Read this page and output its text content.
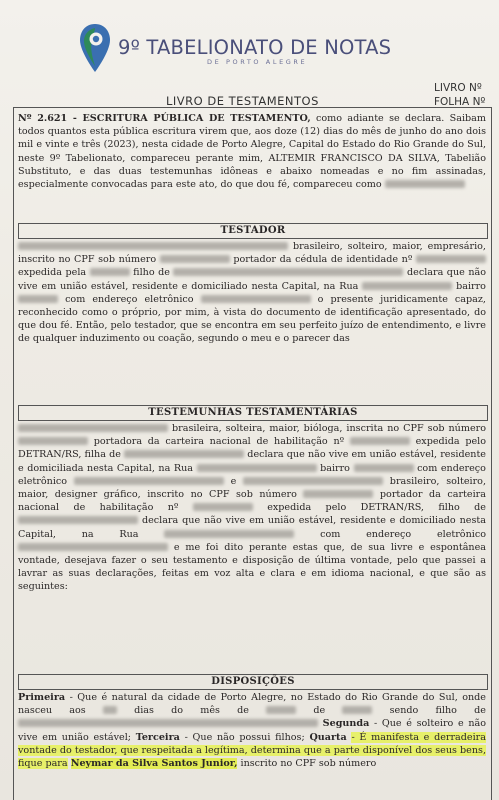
9º TABELIONATO DE NOTAS
DE PORTO ALEGRE
LIVRO DE TESTAMENTOS
LIVRO Nº
FOLHA Nº
Nº 2.621 - ESCRITURA PÚBLICA DE TESTAMENTO, como adiante se declara. Saibam todos quantos esta pública escritura virem que, aos doze (12) dias do mês de junho do ano dois mil e vinte e três (2023), nesta cidade de Porto Alegre, Capital do Estado do Rio Grande do Sul, neste 9º Tabelionato, compareceu perante mim, ALTEMIR FRANCISCO DA SILVA, Tabelião Substituto, e das duas testemunhas idôneas e abaixo nomeadas e no fim assinadas, especialmente convocadas para este ato, do que dou fé, compareceu como
TESTADOR
brasileiro, solteiro, maior, empresário, inscrito no CPF sob número	portador da cédula de identidade nº  expedida pela	filho de	declara que não vive em união estável, residente e domiciliado nesta Capital, na Rua	bairro  com endereço eletrônico	o presente juridicamente capaz, reconhecido como o próprio, por mim, à vista do documento de identificação apresentado, do que dou fé. Então, pelo testador, que se encontra em seu perfeito juízo de entendimento, e livre de qualquer induzimento ou coação, segundo o meu e o parecer das
TESTEMUNHAS TESTAMENTÁRIAS
brasileira, solteira, maior, bióloga, inscrita no CPF sob número  portadora da carteira nacional de habilitação nº	expedida pelo DETRAN/RS, filha de	declara que não vive em união estável, residente e domiciliada nesta Capital, na Rua	bairro	com endereço eletrônico	e	brasileiro, solteiro, maior, designer gráfico, inscrito no CPF sob número	portador da carteira nacional de habilitação nº	expedida pelo DETRAN/RS, filho de  declara que não vive em união estável, residente e domiciliado nesta Capital, na Rua	com endereço eletrônico  e me foi dito perante estas que, de sua livre e espontânea vontade, desejava fazer o seu testamento e disposição de última vontade, pelo que passei a lavrar as suas declarações, feitas em voz alta e clara e em idioma nacional, e que são as seguintes:
DISPOSIÇÕES
Primeira - Que é natural da cidade de Porto Alegre, no Estado do Rio Grande do Sul, onde nasceu aos	dias do mês de	de	sendo filho de  Segunda - Que é solteiro e não vive em união estável; Terceira - Que não possui filhos; Quarta - É manifesta e derradeira vontade do testador, que respeitada a legítima, determina que a parte disponível dos seus bens, fique para Neymar da Silva Santos Junior, inscrito no CPF sob número
